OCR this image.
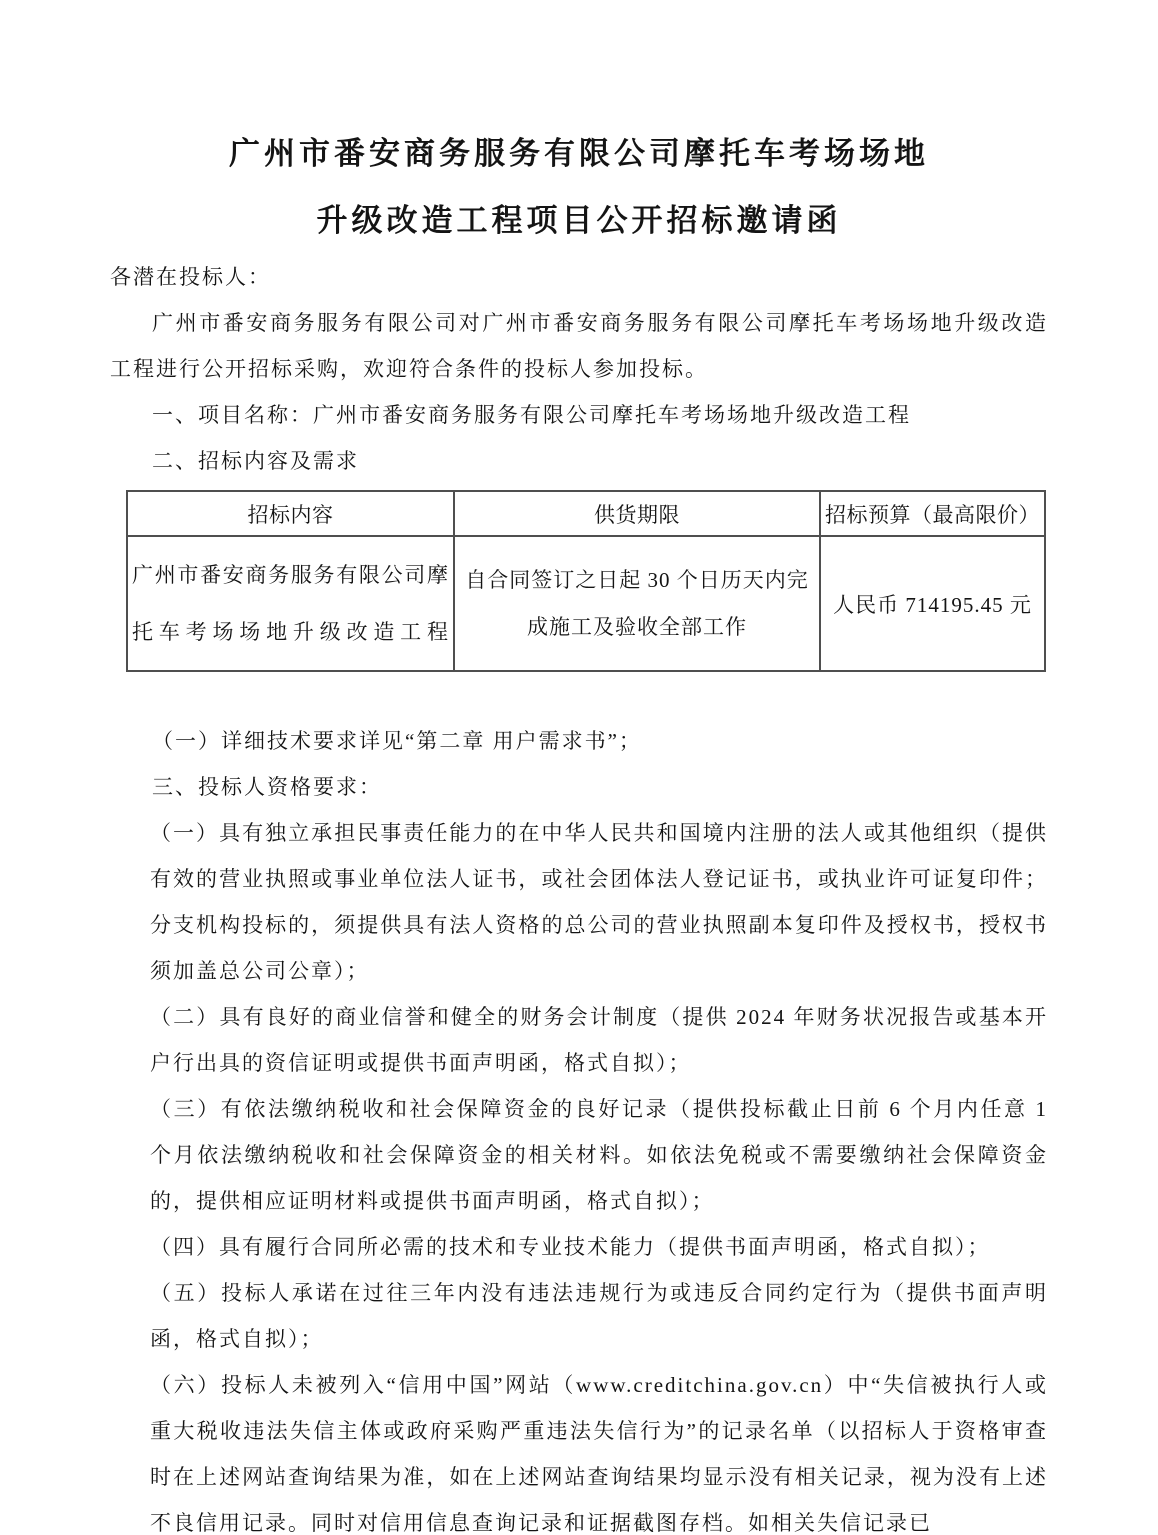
广州市番安商务服务有限公司摩托车考场场地
升级改造工程项目公开招标邀请函

各潜在投标人：

广州市番安商务服务有限公司对广州市番安商务服务有限公司摩托车考场场地升级改造工程进行公开招标采购，欢迎符合条件的投标人参加投标。

一、项目名称：广州市番安商务服务有限公司摩托车考场场地升级改造工程

二、招标内容及需求

招标内容	供货期限	招标预算（最高限价）
广州市番安商务服务有限公司摩托车考场场地升级改造工程	自合同签订之日起 30 个日历天内完成施工及验收全部工作	人民币 714195.45 元

（一）详细技术要求详见“第二章 用户需求书”；

三、投标人资格要求：

（一）具有独立承担民事责任能力的在中华人民共和国境内注册的法人或其他组织（提供有效的营业执照或事业单位法人证书，或社会团体法人登记证书，或执业许可证复印件；分支机构投标的，须提供具有法人资格的总公司的营业执照副本复印件及授权书，授权书须加盖总公司公章）；

（二）具有良好的商业信誉和健全的财务会计制度（提供 2024 年财务状况报告或基本开户行出具的资信证明或提供书面声明函，格式自拟）；

（三）有依法缴纳税收和社会保障资金的良好记录（提供投标截止日前 6 个月内任意 1 个月依法缴纳税收和社会保障资金的相关材料。如依法免税或不需要缴纳社会保障资金的，提供相应证明材料或提供书面声明函，格式自拟）；

（四）具有履行合同所必需的技术和专业技术能力（提供书面声明函，格式自拟）；

（五）投标人承诺在过往三年内没有违法违规行为或违反合同约定行为（提供书面声明函，格式自拟）；

（六）投标人未被列入“信用中国”网站（www.creditchina.gov.cn）中“失信被执行人或重大税收违法失信主体或政府采购严重违法失信行为”的记录名单（以招标人于资格审查时在上述网站查询结果为准，如在上述网站查询结果均显示没有相关记录，视为没有上述不良信用记录。同时对信用信息查询记录和证据截图存档。如相关失信记录已
